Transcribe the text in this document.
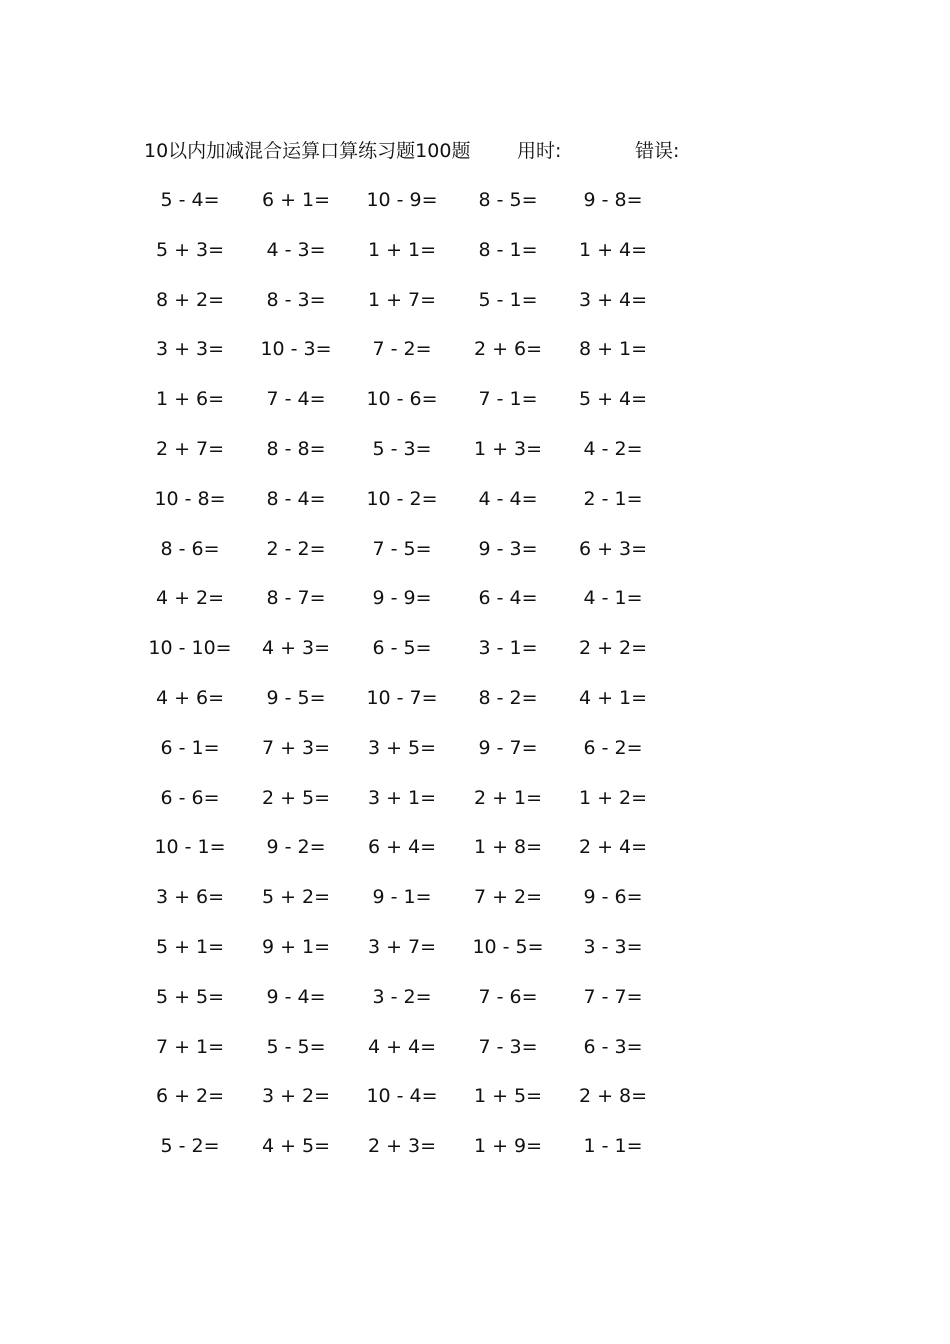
10以内加减混合运算口算练习题100题 用时:	错误:
5 - 4=	6 + 1=	10 - 9=	8 - 5=	9 - 8=
5 + 3=	4 - 3=	1 + 1=	8 - 1=	1 + 4=
8 + 2=	8 - 3=	1 + 7=	5 - 1=	3 + 4=
3 + 3=	10 - 3=	7 - 2=	2 + 6=	8 + 1=
1 + 6=	7 - 4=	10 - 6=	7 - 1=	5 + 4=
2 + 7=	8 - 8=	5 - 3=	1 + 3=	4 - 2=
10 - 8=	8 - 4=	10 - 2=	4 - 4=	2 - 1=
8 - 6=	2 - 2=	7 - 5=	9 - 3=	6 + 3=
4 + 2=	8 - 7=	9 - 9=	6 - 4=	4 - 1=
10 - 10=	4 + 3=	6 - 5=	3 - 1=	2 + 2=
4 + 6=	9 - 5=	10 - 7=	8 - 2=	4 + 1=
6 - 1=	7 + 3=	3 + 5=	9 - 7=	6 - 2=
6 - 6=	2 + 5=	3 + 1=	2 + 1=	1 + 2=
10 - 1=	9 - 2=	6 + 4=	1 + 8=	2 + 4=
3 + 6=	5 + 2=	9 - 1=	7 + 2=	9 - 6=
5 + 1=	9 + 1=	3 + 7=	10 - 5=	3 - 3=
5 + 5=	9 - 4=	3 - 2=	7 - 6=	7 - 7=
7 + 1=	5 - 5=	4 + 4=	7 - 3=	6 - 3=
6 + 2=	3 + 2=	10 - 4=	1 + 5=	2 + 8=
5 - 2=	4 + 5=	2 + 3=	1 + 9=	1 - 1=
